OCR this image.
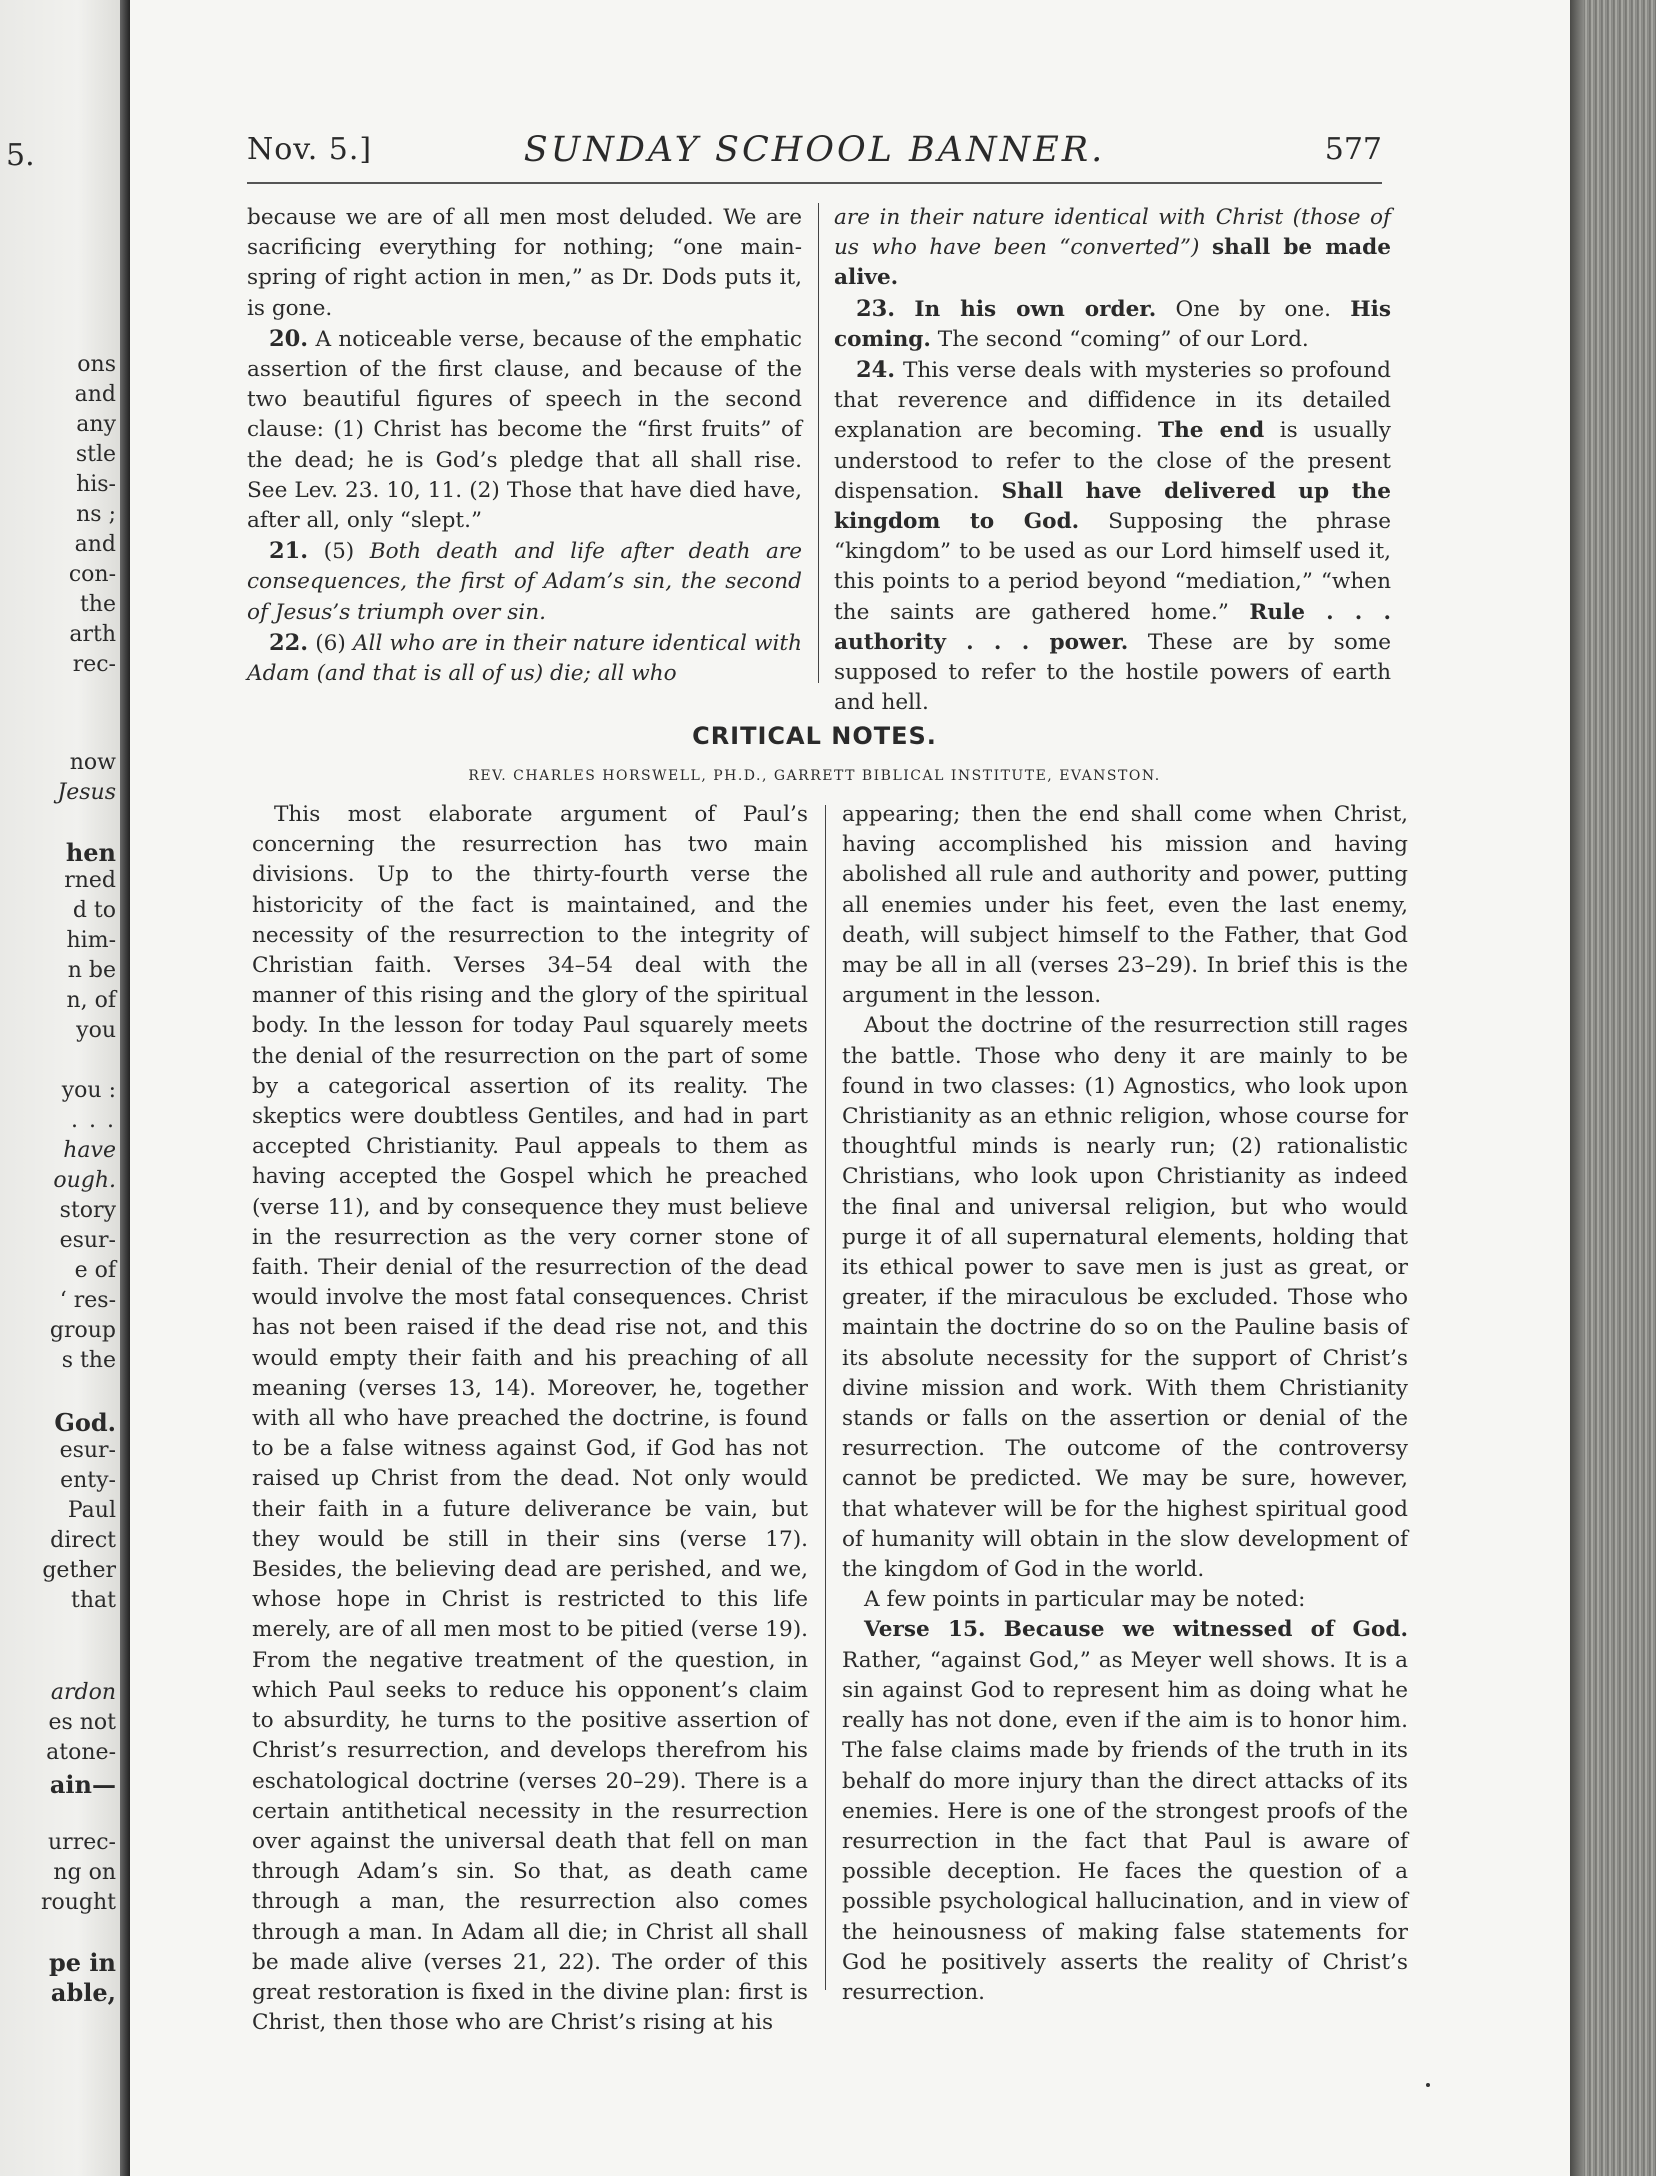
5.
ons
and
any
stle
his-
ns ;
and
con-
the
arth
rec-
now
Jesus
hen
rned
d to
him-
n be
n, of
you
you :
. . .
have
ough.
story
esur-
e of
‘ res-
group
s the
God.
esur-
enty-
Paul
direct
gether
that
ardon
es not
atone-
ain—
urrec-
ng on
rought
pe in
able,
Nov. 5.]	SUNDAY SCHOOL BANNER.	577

because we are of all men most deluded. We are sacrificing everything for nothing; “one main-spring of right action in men,” as Dr. Dods puts it, is gone.

20. A noticeable verse, because of the emphatic assertion of the first clause, and because of the two beautiful figures of speech in the second clause: (1) Christ has become the “first fruits” of the dead; he is God’s pledge that all shall rise. See Lev. 23. 10, 11. (2) Those that have died have, after all, only “slept.”

21. (5) Both death and life after death are consequences, the first of Adam’s sin, the second of Jesus’s triumph over sin.

22. (6) All who are in their nature identical with Adam (and that is all of us) die; all who

are in their nature identical with Christ (those of us who have been “converted”) shall be made alive.

23. In his own order. One by one. His coming. The second “coming” of our Lord.

24. This verse deals with mysteries so profound that reverence and diffidence in its detailed explanation are becoming. The end is usually understood to refer to the close of the present dispensation. Shall have delivered up the kingdom to God. Supposing the phrase “kingdom” to be used as our Lord himself used it, this points to a period beyond “mediation,” “when the saints are gathered home.” Rule . . . authority . . . power. These are by some supposed to refer to the hostile powers of earth and hell.

CRITICAL NOTES.
REV. CHARLES HORSWELL, PH.D., GARRETT BIBLICAL INSTITUTE, EVANSTON.

This most elaborate argument of Paul’s concerning the resurrection has two main divisions. Up to the thirty-fourth verse the historicity of the fact is maintained, and the necessity of the resurrection to the integrity of Christian faith. Verses 34–54 deal with the manner of this rising and the glory of the spiritual body. In the lesson for today Paul squarely meets the denial of the resurrection on the part of some by a categorical assertion of its reality. The skeptics were doubtless Gentiles, and had in part accepted Christianity. Paul appeals to them as having accepted the Gospel which he preached (verse 11), and by consequence they must believe in the resurrection as the very corner stone of faith. Their denial of the resurrection of the dead would involve the most fatal consequences. Christ has not been raised if the dead rise not, and this would empty their faith and his preaching of all meaning (verses 13, 14). Moreover, he, together with all who have preached the doctrine, is found to be a false witness against God, if God has not raised up Christ from the dead. Not only would their faith in a future deliverance be vain, but they would be still in their sins (verse 17). Besides, the believing dead are perished, and we, whose hope in Christ is restricted to this life merely, are of all men most to be pitied (verse 19). From the negative treatment of the question, in which Paul seeks to reduce his opponent’s claim to absurdity, he turns to the positive assertion of Christ’s resurrection, and develops therefrom his eschatological doctrine (verses 20–29). There is a certain antithetical necessity in the resurrection over against the universal death that fell on man through Adam’s sin. So that, as death came through a man, the resurrection also comes through a man. In Adam all die; in Christ all shall be made alive (verses 21, 22). The order of this great restoration is fixed in the divine plan: first is Christ, then those who are Christ’s rising at his

appearing; then the end shall come when Christ, having accomplished his mission and having abolished all rule and authority and power, putting all enemies under his feet, even the last enemy, death, will subject himself to the Father, that God may be all in all (verses 23–29). In brief this is the argument in the lesson.

About the doctrine of the resurrection still rages the battle. Those who deny it are mainly to be found in two classes: (1) Agnostics, who look upon Christianity as an ethnic religion, whose course for thoughtful minds is nearly run; (2) rationalistic Christians, who look upon Christianity as indeed the final and universal religion, but who would purge it of all supernatural elements, holding that its ethical power to save men is just as great, or greater, if the miraculous be excluded. Those who maintain the doctrine do so on the Pauline basis of its absolute necessity for the support of Christ’s divine mission and work. With them Christianity stands or falls on the assertion or denial of the resurrection. The outcome of the controversy cannot be predicted. We may be sure, however, that whatever will be for the highest spiritual good of humanity will obtain in the slow development of the kingdom of God in the world.

A few points in particular may be noted:

Verse 15. Because we witnessed of God. Rather, “against God,” as Meyer well shows. It is a sin against God to represent him as doing what he really has not done, even if the aim is to honor him. The false claims made by friends of the truth in its behalf do more injury than the direct attacks of its enemies. Here is one of the strongest proofs of the resurrection in the fact that Paul is aware of possible deception. He faces the question of a possible psychological hallucination, and in view of the heinousness of making false statements for God he positively asserts the reality of Christ’s resurrection.
